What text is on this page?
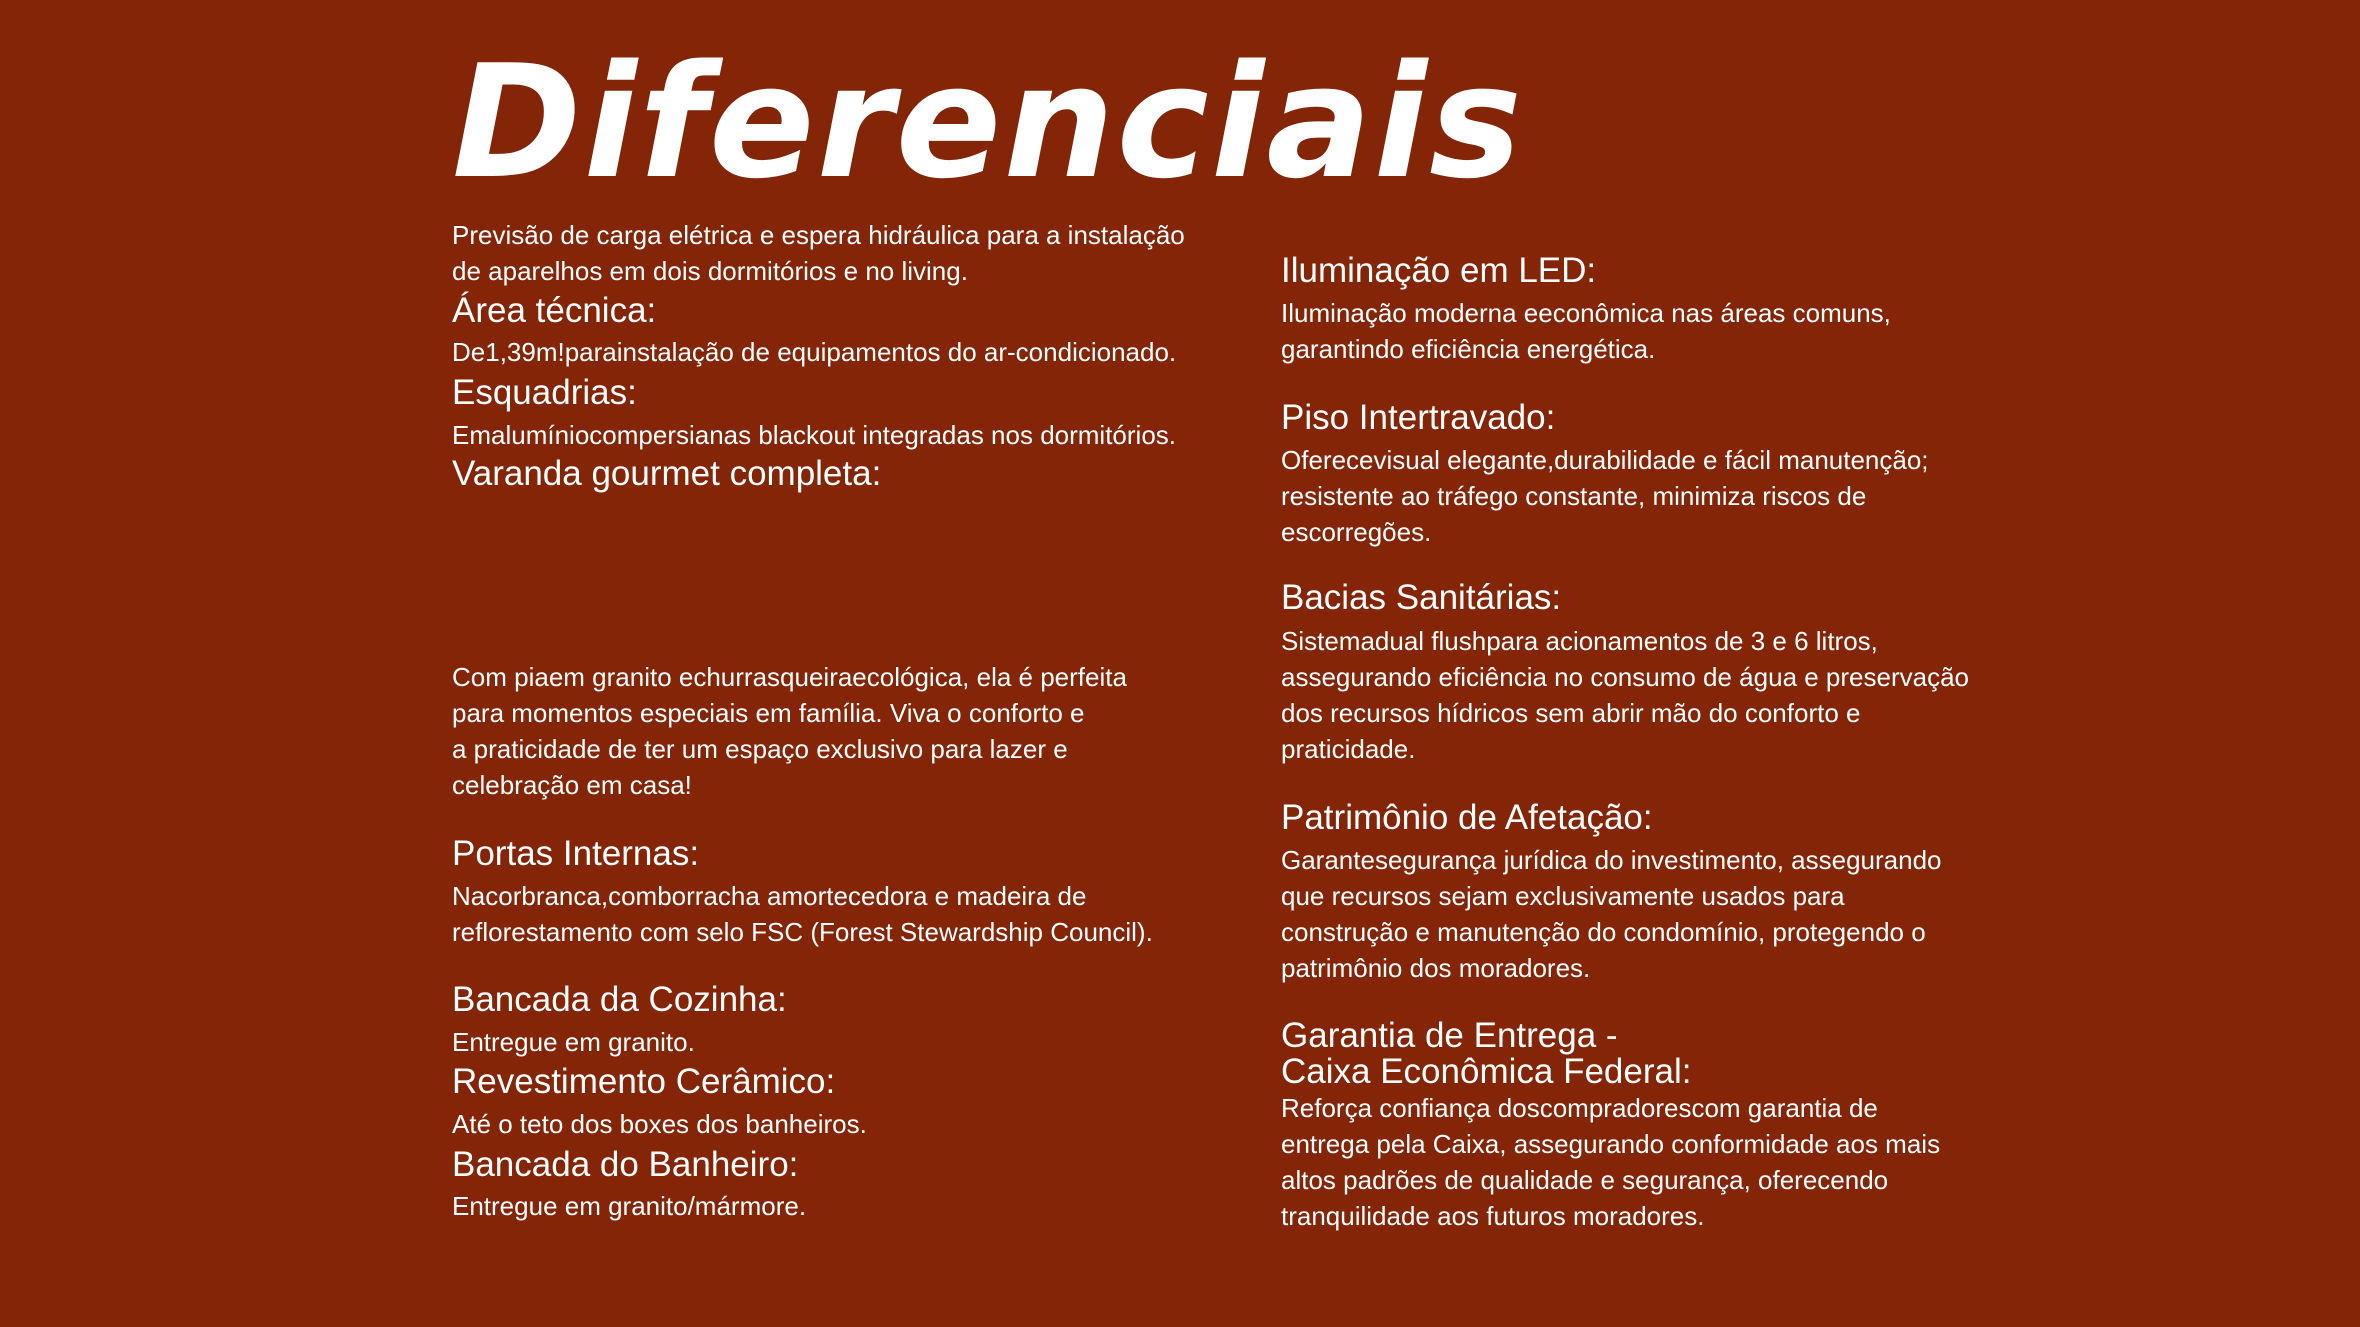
Diferenciais
Previsão de carga elétrica e espera hidráulica para a instalação
de aparelhos em dois dormitórios e no living.
Área técnica:
De1,39m!parainstalação de equipamentos do ar-condicionado.
Esquadrias:
Emalumíniocompersianas blackout integradas nos dormitórios.
Varanda gourmet completa:
Com piaem granito echurrasqueiraecológica, ela é perfeita
para momentos especiais em família. Viva o conforto e
a praticidade de ter um espaço exclusivo para lazer e
celebração em casa!
Portas Internas:
Nacorbranca,comborracha amortecedora e madeira de
reflorestamento com selo FSC (Forest Stewardship Council).
Bancada da Cozinha:
Entregue em granito.
Revestimento Cerâmico:
Até o teto dos boxes dos banheiros.
Bancada do Banheiro:
Entregue em granito/mármore.
Iluminação em LED:
Iluminação moderna eeconômica nas áreas comuns,
garantindo eficiência energética.
Piso Intertravado:
Oferecevisual elegante,durabilidade e fácil manutenção;
resistente ao tráfego constante, minimiza riscos de
escorregões.
Bacias Sanitárias:
Sistemadual flushpara acionamentos de 3 e 6 litros,
assegurando eficiência no consumo de água e preservação
dos recursos hídricos sem abrir mão do conforto e
praticidade.
Patrimônio de Afetação:
Garantesegurança jurídica do investimento, assegurando
que recursos sejam exclusivamente usados para
construção e manutenção do condomínio, protegendo o
patrimônio dos moradores.
Garantia de Entrega -
Caixa Econômica Federal:
Reforça confiança doscompradorescom garantia de
entrega pela Caixa, assegurando conformidade aos mais
altos padrões de qualidade e segurança, oferecendo
tranquilidade aos futuros moradores.
